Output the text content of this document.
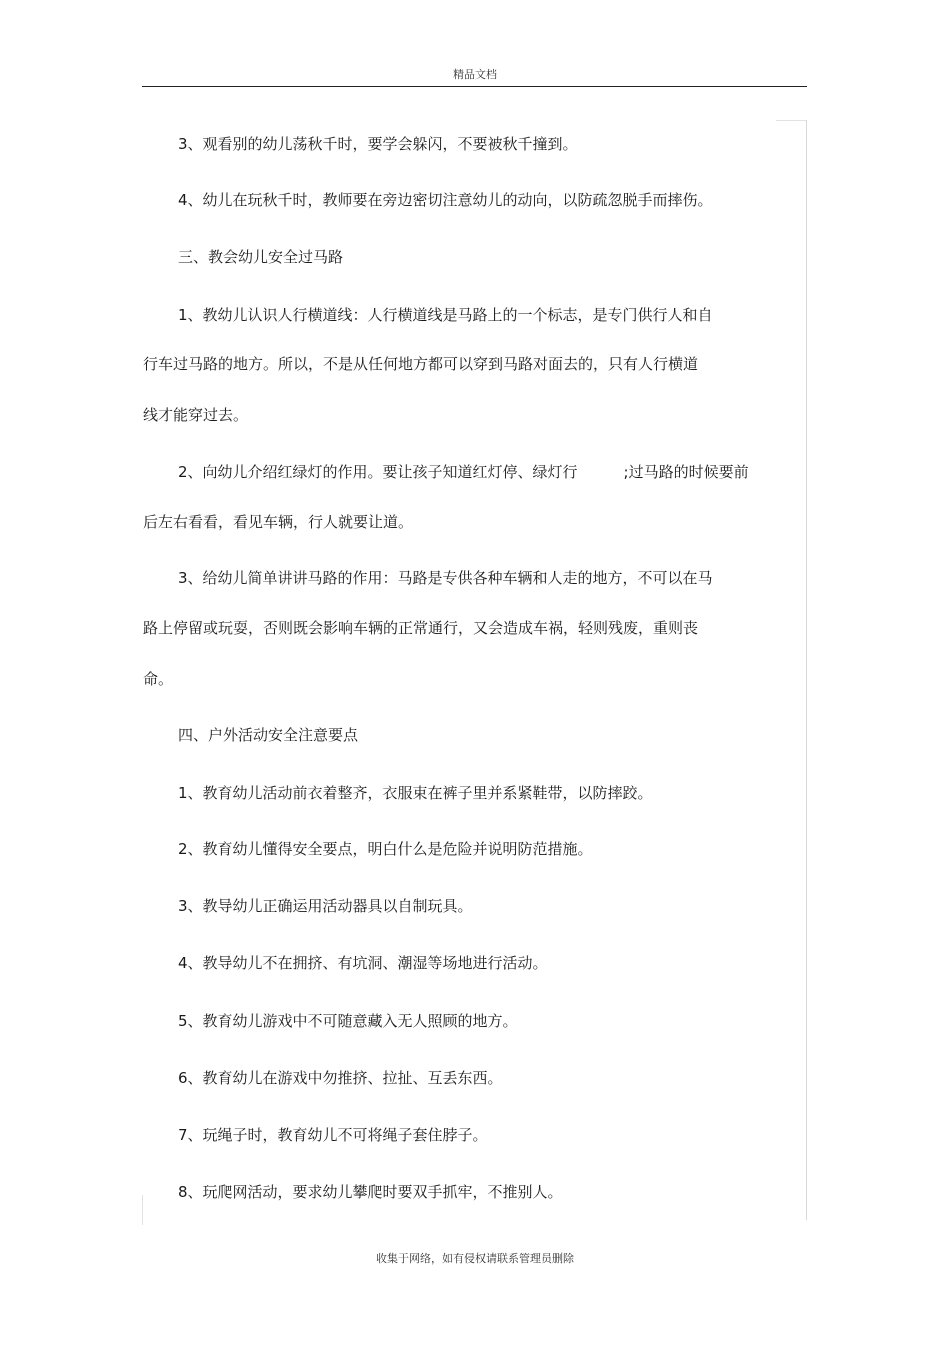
精品文档
3、观看别的幼儿荡秋千时，要学会躲闪，不要被秋千撞到。
4、幼儿在玩秋千时，教师要在旁边密切注意幼儿的动向，以防疏忽脱手而摔伤。
三、教会幼儿安全过马路
1、教幼儿认识人行横道线：人行横道线是马路上的一个标志，是专门供行人和自
行车过马路的地方。所以，不是从任何地方都可以穿到马路对面去的，只有人行横道
线才能穿过去。
2、向幼儿介绍红绿灯的作用。要让孩子知道红灯停、绿灯行	;过马路的时候要前
后左右看看，看见车辆，行人就要让道。
3、给幼儿简单讲讲马路的作用：马路是专供各种车辆和人走的地方，不可以在马
路上停留或玩耍，否则既会影响车辆的正常通行，又会造成车祸，轻则残废，重则丧
命。
四、户外活动安全注意要点
1、教育幼儿活动前衣着整齐，衣服束在裤子里并系紧鞋带，以防摔跤。
2、教育幼儿懂得安全要点，明白什么是危险并说明防范措施。
3、教导幼儿正确运用活动器具以自制玩具。
4、教导幼儿不在拥挤、有坑洞、潮湿等场地进行活动。
5、教育幼儿游戏中不可随意藏入无人照顾的地方。
6、教育幼儿在游戏中勿推挤、拉扯、互丢东西。
7、玩绳子时，教育幼儿不可将绳子套住脖子。
8、玩爬网活动，要求幼儿攀爬时要双手抓牢，不推别人。
收集于网络，如有侵权请联系管理员删除
